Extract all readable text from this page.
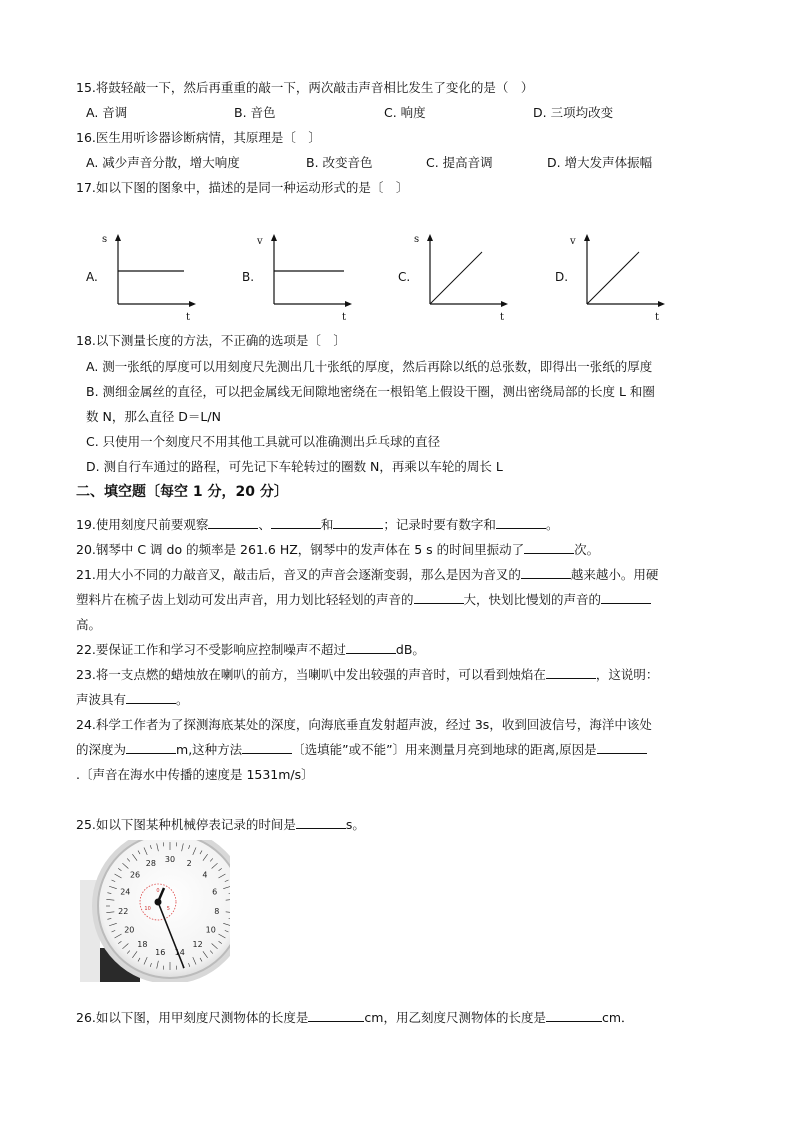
15.将鼓轻敲一下，然后再重重的敲一下，两次敲击声音相比发生了变化的是（　）
A. 音调	B. 音色	C. 响度	D. 三项均改变
16.医生用听诊器诊断病情，其原理是〔　〕
A. 减少声音分散，增大响度	B. 改变音色	C. 提高音调	D. 增大发声体振幅
17.如以下图的图象中，描述的是同一种运动形式的是〔　〕
A.
s
t
B.
v
t
C.
s
t
D.
v
t
18.以下测量长度的方法，不正确的选项是〔　〕
A. 测一张纸的厚度可以用刻度尺先测出几十张纸的厚度，然后再除以纸的总张数，即得出一张纸的厚度
B. 测细金属丝的直径，可以把金属线无间隙地密绕在一根铅笔上假设干圈，测出密绕局部的长度 L 和圈
数 N，那么直径 D＝L/N
C. 只使用一个刻度尺不用其他工具就可以准确测出乒乓球的直径
D. 测自行车通过的路程，可先记下车轮转过的圈数 N，再乘以车轮的周长 L
二、填空题〔每空 1 分，20 分〕
19.使用刻度尺前要观察	、	和	；记录时要有数字和	。
20.钢琴中 C 调 do 的频率是 261.6 HZ，钢琴中的发声体在 5 s 的时间里振动了	次。
21.用大小不同的力敲音叉，敲击后，音叉的声音会逐渐变弱，那么是因为音叉的	越来越小。用硬
塑料片在梳子齿上划动可发出声音，用力划比轻轻划的声音的	大，快划比慢划的声音的
高。
22.要保证工作和学习不受影响应控制噪声不超过	dB。
23.将一支点燃的蜡烛放在喇叭的前方，当喇叭中发出较强的声音时，可以看到烛焰在	，这说明：
声波具有	。
24.科学工作者为了探测海底某处的深度，向海底垂直发射超声波，经过 3s，收到回波信号，海洋中该处
的深度为	m,这种方法	〔选填能”或不能”〕用来测量月亮到地球的距离,原因是
.〔声音在海水中传播的速度是 1531m/s〕
25.如以下图某种机械停表记录的时间是	s。
30 2
4
6
8
10
12
14
16
18
20
22
24
26
28
0
5
10
26.如以下图，用甲刻度尺测物体的长度是	cm，用乙刻度尺测物体的长度是	cm．
